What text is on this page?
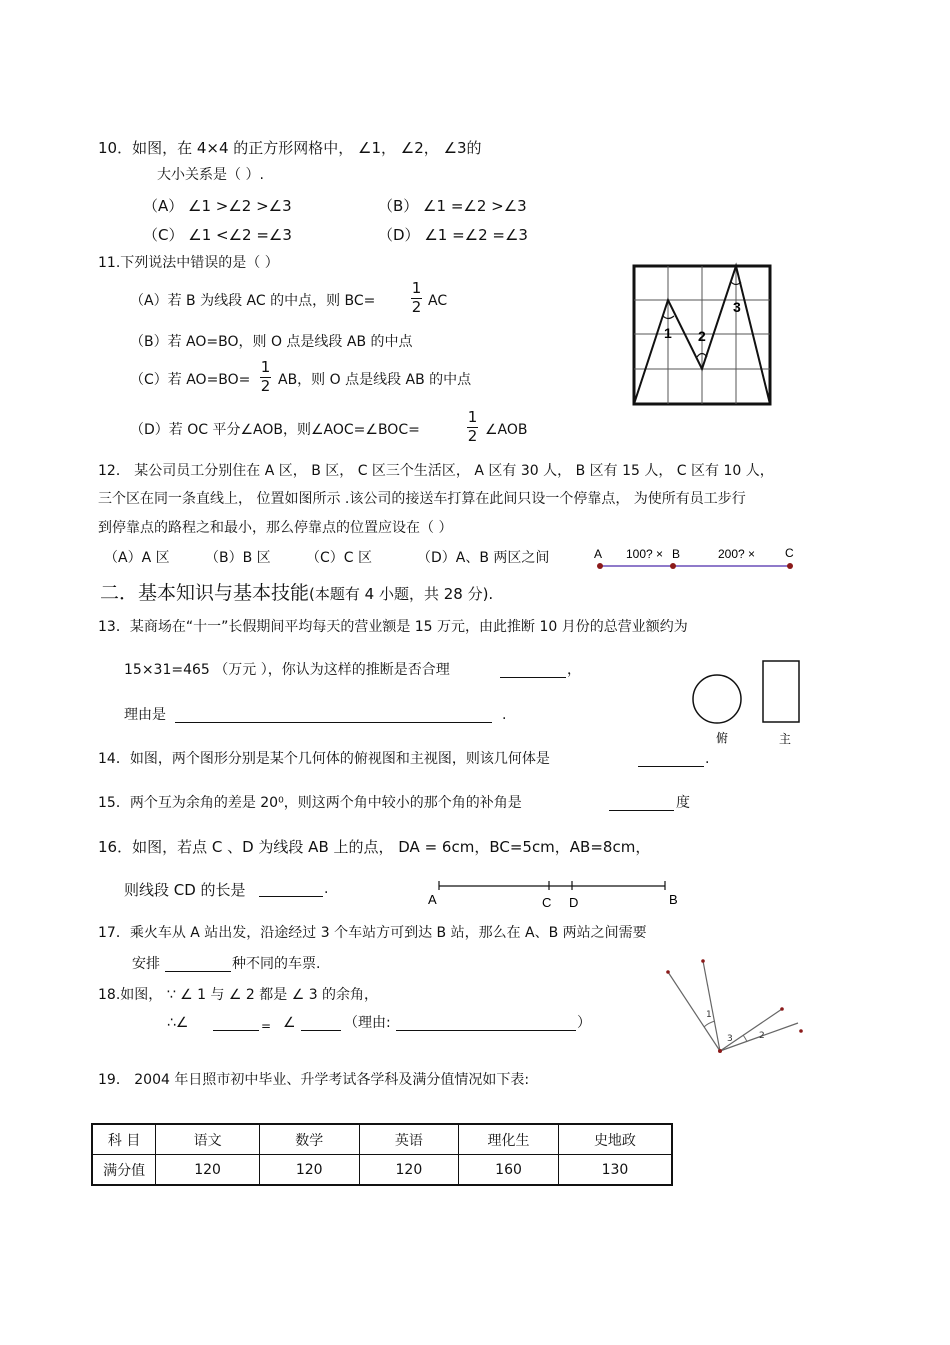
10．如图，在 4×4 的正方形网格中， ∠1， ∠2， ∠3的
大小关系是（ ）.
（A） ∠1 >∠2 >∠3	（B） ∠1 =∠2 >∠3
（C） ∠1 <∠2 =∠3	（D） ∠1 =∠2 =∠3
1 2
3
11.下列说法中错误的是（ ）
（A）若 B 为线段 AC 的中点，则 BC=
1
2 AC
（B）若 AO=BO，则 O 点是线段 AB 的中点
（C）若 AO=BO=
1
2 AB，则 O 点是线段 AB 的中点
（D）若 OC 平分∠AOB，则∠AOC=∠BOC=
1
2 ∠AOB
12． 某公司员工分别住在 A 区， B 区， C 区三个生活区， A 区有 30 人， B 区有 15 人， C 区有 10 人，
三个区在同一条直线上， 位置如图所示 .该公司的接送车打算在此间只设一个停靠点， 为使所有员工步行
到停靠点的路程之和最小，那么停靠点的位置应设在（ ）
（A）A 区	（B）B 区	（C）C 区	（D）A、B 两区之间	A 100? × B	200? × C
二．基本知识与基本技能(本题有 4 小题，共 28 分).
13．某商场在“十一”长假期间平均每天的营业额是 15 万元，由此推断 10 月份的总营业额约为
15×31=465 （万元 ），你认为这样的推断是否合理	，
理由是	.
俯	主
14．如图，两个图形分别是某个几何体的俯视图和主视图，则该几何体是	.
15．两个互为余角的差是 20⁰，则这两个角中较小的那个角的补角是	度
16．如图，若点 C 、D 为线段 AB 上的点， DA = 6cm，BC=5cm，AB=8cm，
则线段 CD 的长是	.
A	C D	B
17．乘火车从 A 站出发，沿途经过 3 个车站方可到达 B 站，那么在 A、B 两站之间需要
安排	种不同的车票.
18.如图， ∵ ∠ 1 与 ∠ 2 都是 ∠ 3 的余角，
∴∠	= ∠	（理由:	）	1
3	2
19． 2004 年日照市初中毕业、升学考试各学科及满分值情况如下表:
科 目	语文	数学	英语	理化生	史地政
满分值	120	120	120	160	130
